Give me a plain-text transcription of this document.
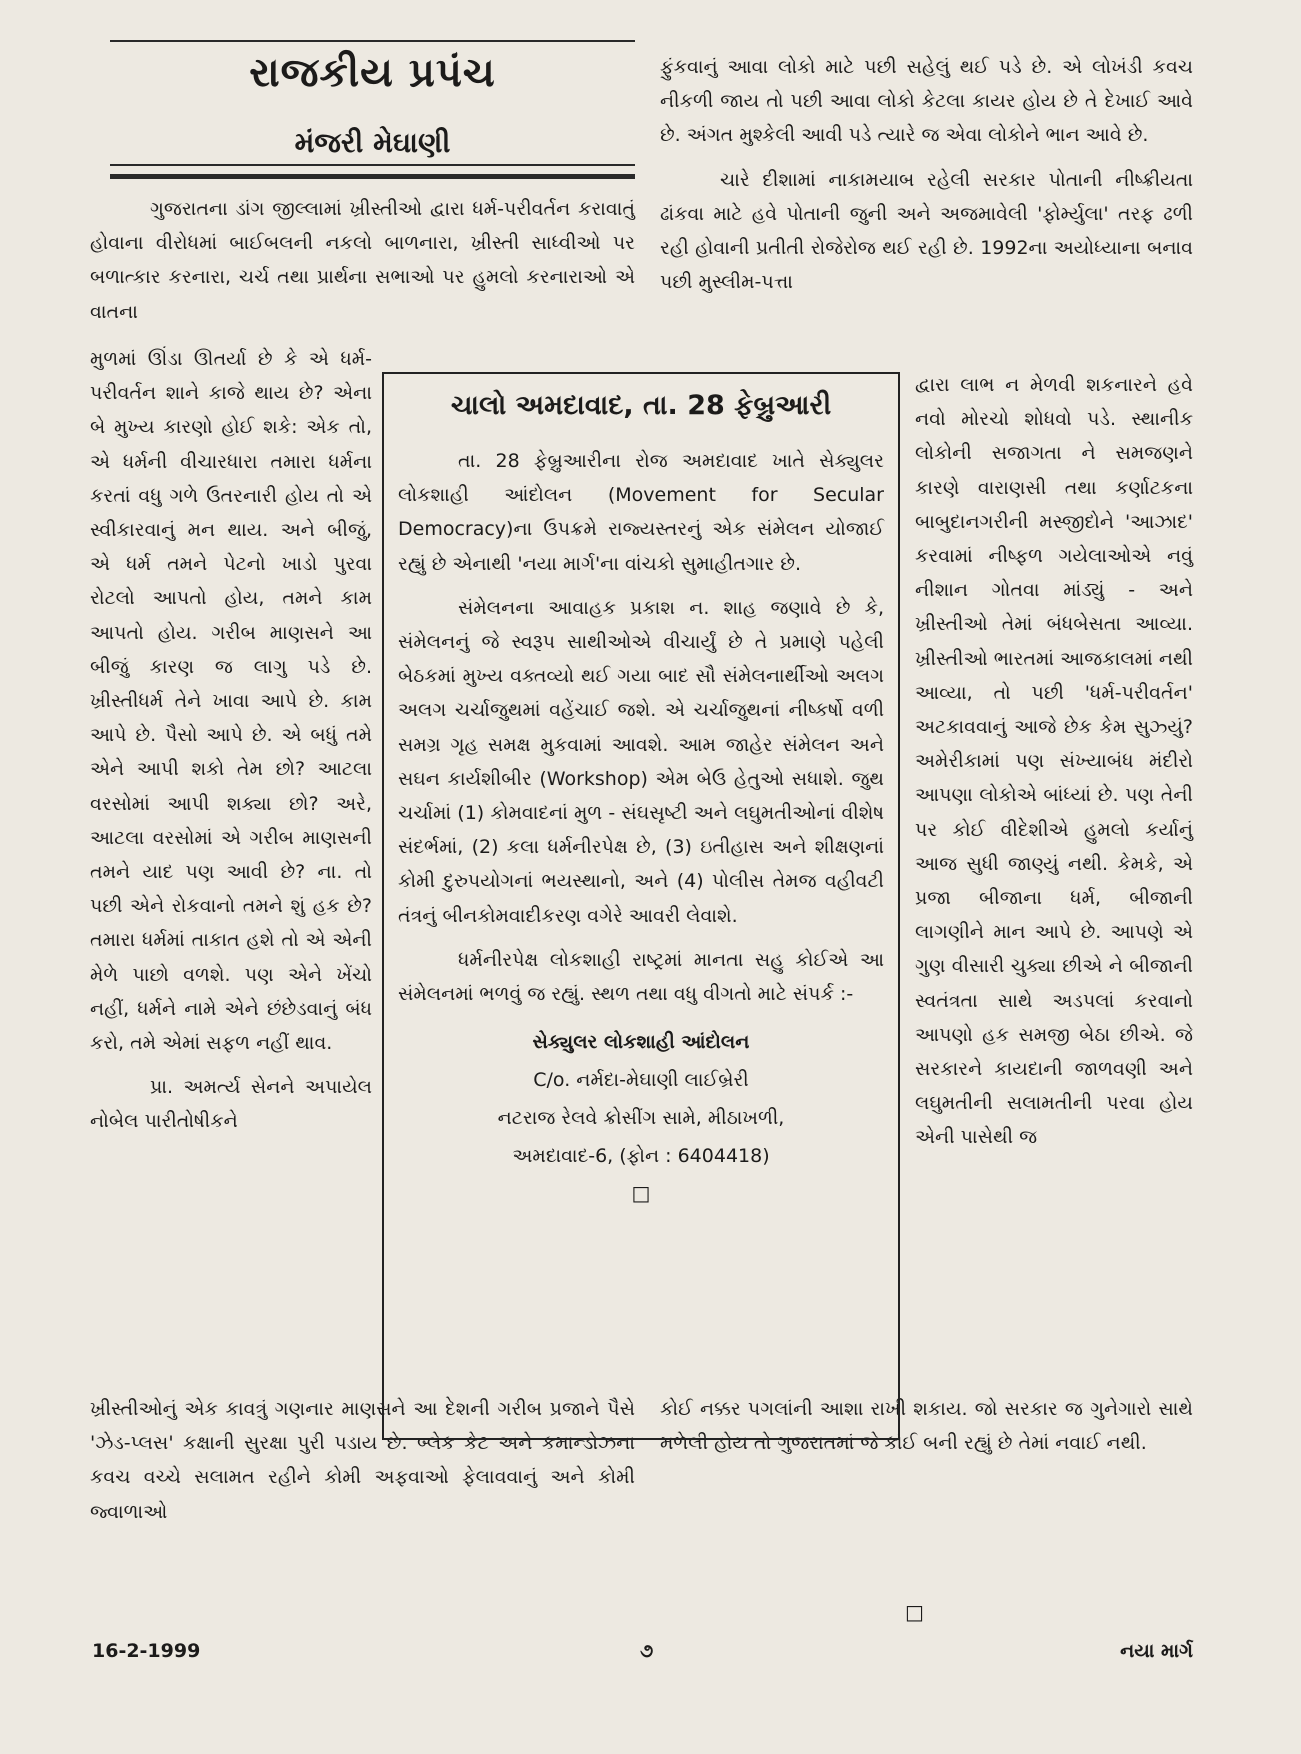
રાજકીય પ્રપંચ
મંજરી મેઘાણી

ગુજરાતના ડાંગ જીલ્લામાં ખ્રીસ્તીઓ દ્વારા ધર્મ-પરીવર્તન કરાવાતું હોવાના વીરોધમાં બાઈબલની નકલો બાળનારા, ખ્રીસ્તી સાધ્વીઓ પર બળાત્કાર કરનારા, ચર્ચ તથા પ્રાર્થના સભાઓ પર હુમલો કરનારાઓ એ વાતના

મુળમાં ઊંડા ઊતર્યા છે કે એ ધર્મ-પરીવર્તન શાને કાજે થાય છે? એના બે મુખ્ય કારણો હોઈ શકે: એક તો, એ ધર્મની વીચારધારા તમારા ધર્મના કરતાં વધુ ગળે ઉતરનારી હોય તો એ સ્વીકારવાનું મન થાય. અને બીજું, એ ધર્મ તમને પેટનો ખાડો પુરવા રોટલો આપતો હોય, તમને કામ આપતો હોય. ગરીબ માણસને આ બીજું કારણ જ લાગુ પડે છે. ખ્રીસ્તીધર્મ તેને ખાવા આપે છે. કામ આપે છે. પૈસો આપે છે. એ બધું તમે એને આપી શકો તેમ છો? આટલા વરસોમાં આપી શક્યા છો? અરે, આટલા વરસોમાં એ ગરીબ માણસની તમને યાદ પણ આવી છે? ના. તો પછી એને રોકવાનો તમને શું હક છે? તમારા ધર્મમાં તાકાત હશે તો એ એની મેળે પાછો વળશે. પણ એને ખેંચો નહીં, ધર્મને નામે એને છંછેડવાનું બંધ કરો, તમે એમાં સફળ નહીં થાવ.

પ્રા. અમર્ત્ય સેનને અપાયેલ નોબેલ પારીતોષીકને

ખ્રીસ્તીઓનું એક કાવત્રું ગણનાર માણસને આ દેશની ગરીબ પ્રજાને પૈસે 'ઝેડ-પ્લસ' કક્ષાની સુરક્ષા પુરી પડાય છે. બ્લેક કેટ અને કમાન્ડોઝના કવચ વચ્ચે સલામત રહીને કોમી અફવાઓ ફેલાવવાનું અને કોમી જ્વાળાઓ

ફુંકવાનું આવા લોકો માટે પછી સહેલું થઈ પડે છે. એ લોખંડી કવચ નીકળી જાય તો પછી આવા લોકો કેટલા કાયર હોય છે તે દેખાઈ આવે છે. અંગત મુશ્કેલી આવી પડે ત્યારે જ એવા લોકોને ભાન આવે છે.

ચારે દીશામાં નાકામયાબ રહેલી સરકાર પોતાની નીષ્ક્રીયતા ઢાંકવા માટે હવે પોતાની જુની અને અજમાવેલી 'ફોર્મ્યુલા' તરફ ઢળી રહી હોવાની પ્રતીતી રોજેરોજ થઈ રહી છે. 1992ના અયોધ્યાના બનાવ પછી મુસ્લીમ-પત્તા

દ્વારા લાભ ન મેળવી શકનારને હવે નવો મોરચો શોધવો પડે. સ્થાનીક લોકોની સજાગતા ને સમજણને કારણે વારાણસી તથા કર્ણાટકના બાબુદાનગરીની મસ્જીદોને 'આઝાદ' કરવામાં નીષ્ફળ ગયેલાઓએ નવું નીશાન ગોતવા માંડ્યું - અને ખ્રીસ્તીઓ તેમાં બંધબેસતા આવ્યા. ખ્રીસ્તીઓ ભારતમાં આજકાલમાં નથી આવ્યા, તો પછી 'ધર્મ-પરીવર્તન' અટકાવવાનું આજે છેક કેમ સુઝ્યું? અમેરીકામાં પણ સંખ્યાબંધ મંદીરો આપણા લોકોએ બાંધ્યાં છે. પણ તેની પર કોઈ વીદેશીએ હુમલો કર્યાનું આજ સુધી જાણ્યું નથી. કેમકે, એ પ્રજા બીજાના ધર્મ, બીજાની લાગણીને માન આપે છે. આપણે એ ગુણ વીસારી ચુક્યા છીએ ને બીજાની સ્વતંત્રતા સાથે અડપલાં કરવાનો આપણો હક સમજી બેઠા છીએ. જે સરકારને કાયદાની જાળવણી અને લઘુમતીની સલામતીની પરવા હોય એની પાસેથી જ

કોઈ નક્કર પગલાંની આશા રાખી શકાય. જો સરકાર જ ગુનેગારો સાથે મળેલી હોય તો ગુજરાતમાં જે કાંઈ બની રહ્યું છે તેમાં નવાઈ નથી.

□
ચાલો અમદાવાદ, તા. 28 ફેબ્રુઆરી

તા. 28 ફેબ્રુઆરીના રોજ અમદાવાદ ખાતે સેક્યુલર લોકશાહી આંદોલન (Movement for Secular Democracy)ના ઉપક્રમે રાજ્યસ્તરનું એક સંમેલન યોજાઈ રહ્યું છે એનાથી 'નયા માર્ગ'ના વાંચકો સુમાહીતગાર છે.

સંમેલનના આવાહક પ્રકાશ ન. શાહ જણાવે છે કે, સંમેલનનું જે સ્વરૂપ સાથીઓએ વીચાર્યું છે તે પ્રમાણે પહેલી બેઠકમાં મુખ્ય વક્તવ્યો થઈ ગયા બાદ સૌ સંમેલનાર્થીઓ અલગ અલગ ચર્ચાજુથમાં વહેંચાઈ જશે. એ ચર્ચાજુથનાં નીષ્કર્ષો વળી સમગ્ર ગૃહ સમક્ષ મુકવામાં આવશે. આમ જાહેર સંમેલન અને સઘન કાર્યશીબીર (Workshop) એમ બેઉ હેતુઓ સધાશે. જુથ ચર્ચામાં (1) કોમવાદનાં મુળ - સંઘસૃષ્ટી અને લઘુમતીઓનાં વીશેષ સંદર્ભમાં, (2) કલા ધર્મનીરપેક્ષ છે, (3) ઇતીહાસ અને શીક્ષણનાં કોમી દુરુપયોગનાં ભયસ્થાનો, અને (4) પોલીસ તેમજ વહીવટી તંત્રનું બીનકોમવાદીકરણ વગેરે આવરી લેવાશે.

ધર્મનીરપેક્ષ લોકશાહી રાષ્ટ્રમાં માનતા સહુ કોઈએ આ સંમેલનમાં ભળવું જ રહ્યું. સ્થળ તથા વધુ વીગતો માટે સંપર્ક :-

સેક્યુલર લોકશાહી આંદોલન

C/o. નર્મદા-મેઘાણી લાઈબ્રેરી

નટરાજ રેલવે ક્રોસીંગ સામે, મીઠાખળી,

અમદાવાદ-6, (ફોન : 6404418)

□
16-2-1999	૭	નયા માર્ગ
